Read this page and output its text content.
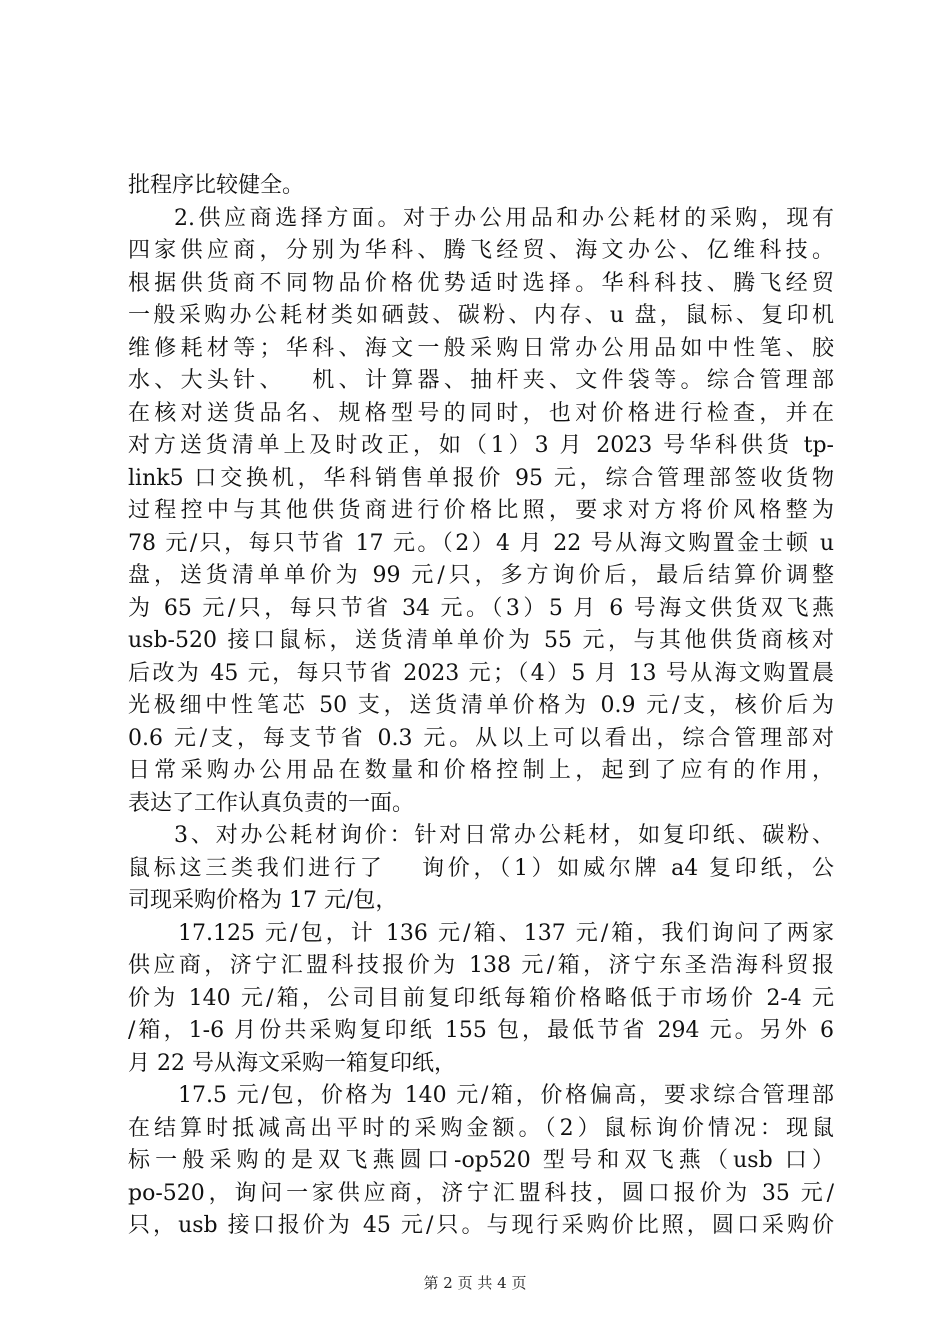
批程序比较健全。
2.供应商选择方面。对于办公用品和办公耗材的采购，现有
四家供应商，分别为华科、腾飞经贸、海文办公、亿维科技。
根据供货商不同物品价格优势适时选择。华科科技、腾飞经贸
一般采购办公耗材类如硒鼓、碳粉、内存、u 盘，鼠标、复印机
维修耗材等；华科、海文一般采购日常办公用品如中性笔、胶
水、大头针、　 机、计算器、抽杆夹、文件袋等。综合管理部
在核对送货品名、规格型号的同时，也对价格进行检查，并在
对方送货清单上及时改正，如（1）3 月 2023 号华科供货 tp-
link5 口交换机，华科销售单报价 95 元，综合管理部签收货物
过程控中与其他供货商进行价格比照，要求对方将价风格整为
78 元/只，每只节省 17 元。（2）4 月 22 号从海文购置金士顿 u
盘，送货清单单价为 99 元/只，多方询价后，最后结算价调整
为 65 元/只，每只节省 34 元。（3）5 月 6 号海文供货双飞燕
usb-520 接口鼠标，送货清单单价为 55 元，与其他供货商核对
后改为 45 元，每只节省 2023 元；（4）5 月 13 号从海文购置晨
光极细中性笔芯 50 支，送货清单价格为 0.9 元/支，核价后为
0.6 元/支，每支节省 0.3 元。从以上可以看出，综合管理部对
日常采购办公用品在数量和价格控制上，起到了应有的作用，
表达了工作认真负责的一面。
3、对办公耗材询价：针对日常办公耗材，如复印纸、碳粉、
鼠标这三类我们进行了　 询价，（1）如威尔牌 a4 复印纸，公
司现采购价格为 17 元/包，
17.125 元/包，计 136 元/箱、137 元/箱，我们询问了两家
供应商，济宁汇盟科技报价为 138 元/箱，济宁东圣浩海科贸报
价为 140 元/箱，公司目前复印纸每箱价格略低于市场价 2-4 元
/箱，1-6 月份共采购复印纸 155 包，最低节省 294 元。另外 6
月 22 号从海文采购一箱复印纸，
17.5 元/包，价格为 140 元/箱，价格偏高，要求综合管理部
在结算时抵减高出平时的采购金额。（2）鼠标询价情况：现鼠
标一般采购的是双飞燕圆口-op520 型号和双飞燕（usb 口）
po-520，询问一家供应商，济宁汇盟科技，圆口报价为 35 元/
只，usb 接口报价为 45 元/只。与现行采购价比照，圆口采购价
第 2 页 共 4 页
